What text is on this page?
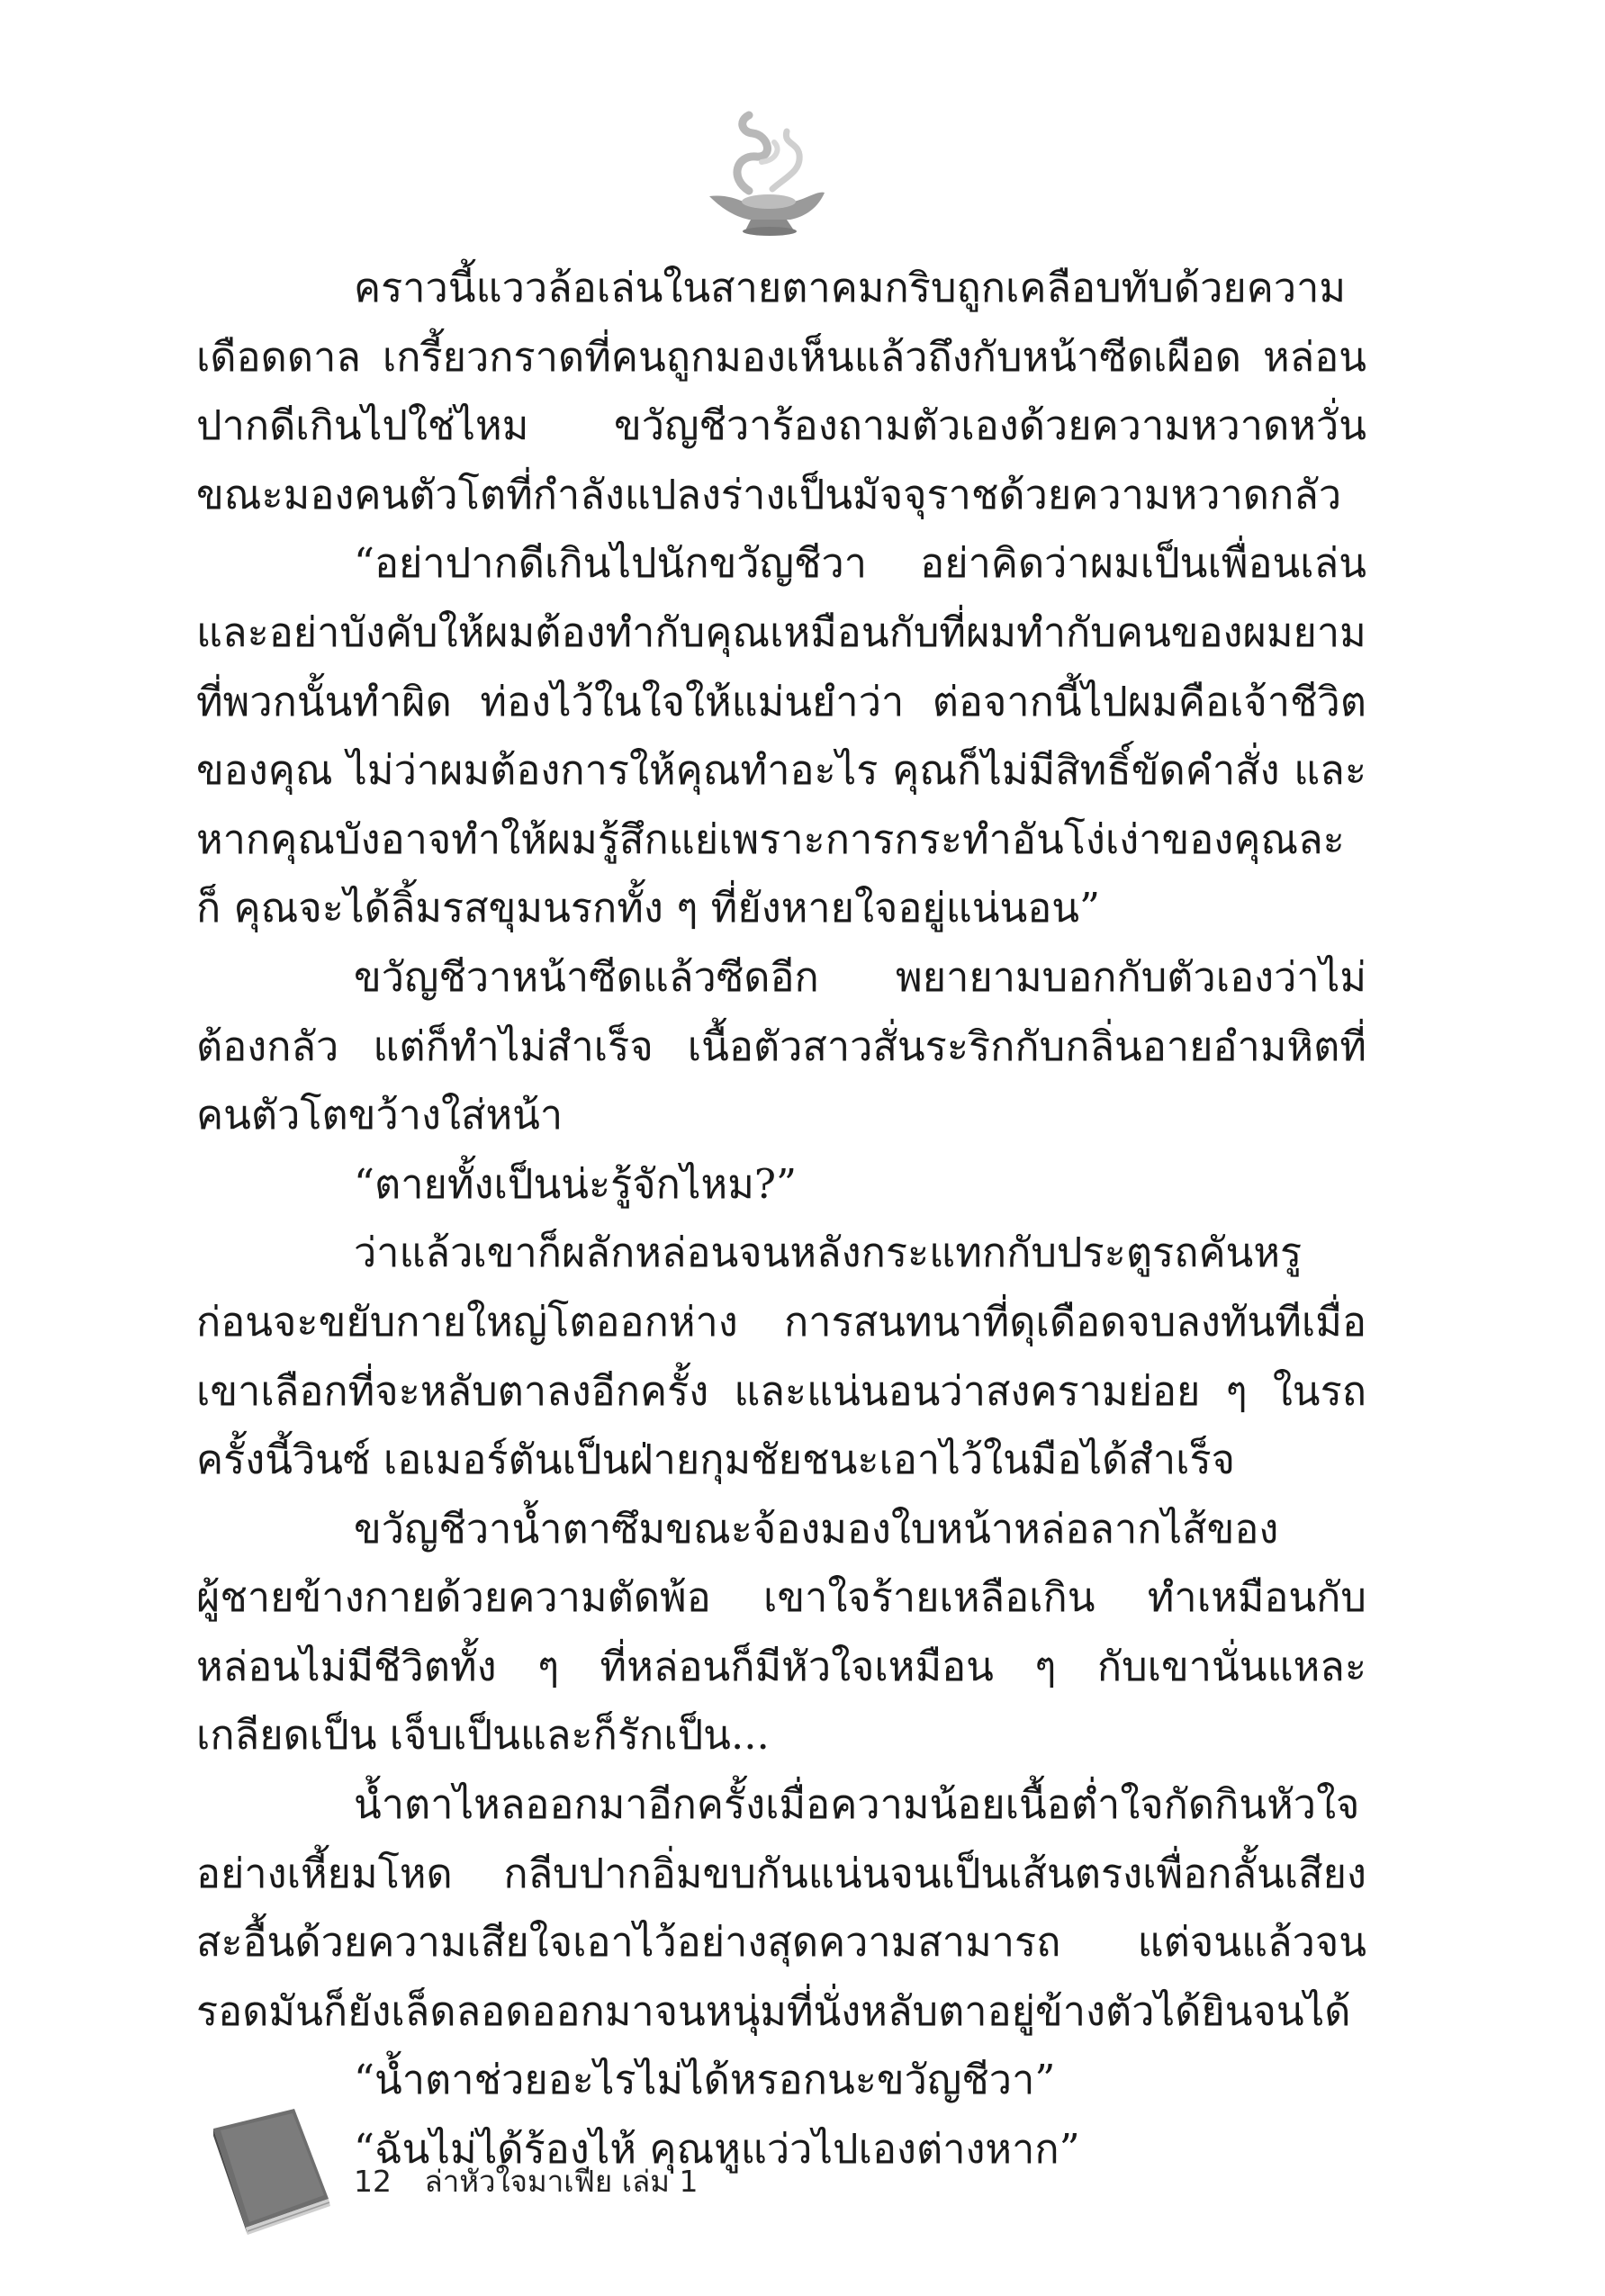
คราวนี้แววล้อเล่นในสายตาคมกริบถูกเคลือบทับด้วยความเดือดดาล เกรี้ยวกราดที่คนถูกมองเห็นแล้วถึงกับหน้าซีดเผือด หล่อนปากดีเกินไปใช่ไหม ขวัญชีวาร้องถามตัวเองด้วยความหวาดหวั่น ขณะมองคนตัวโตที่กำลังแปลงร่างเป็นมัจจุราชด้วยความหวาดกลัว

“อย่าปากดีเกินไปนักขวัญชีวา อย่าคิดว่าผมเป็นเพื่อนเล่น และอย่าบังคับให้ผมต้องทำกับคุณเหมือนกับที่ผมทำกับคนของผมยามที่พวกนั้นทำผิด ท่องไว้ในใจให้แม่นยำว่า ต่อจากนี้ไปผมคือเจ้าชีวิตของคุณ ไม่ว่าผมต้องการให้คุณทำอะไร คุณก็ไม่มีสิทธิ์ขัดคำสั่ง และหากคุณบังอาจทำให้ผมรู้สึกแย่เพราะการกระทำอันโง่เง่าของคุณละก็ คุณจะได้ลิ้มรสขุมนรกทั้ง ๆ ที่ยังหายใจอยู่แน่นอน”

ขวัญชีวาหน้าซีดแล้วซีดอีก พยายามบอกกับตัวเองว่าไม่ต้องกลัว แต่ก็ทำไม่สำเร็จ เนื้อตัวสาวสั่นระริกกับกลิ่นอายอำมหิตที่คนตัวโตขว้างใส่หน้า

“ตายทั้งเป็นน่ะรู้จักไหม?”

ว่าแล้วเขาก็ผลักหล่อนจนหลังกระแทกกับประตูรถคันหรูก่อนจะขยับกายใหญ่โตออกห่าง การสนทนาที่ดุเดือดจบลงทันทีเมื่อเขาเลือกที่จะหลับตาลงอีกครั้ง และแน่นอนว่าสงครามย่อย ๆ ในรถครั้งนี้วินซ์ เอเมอร์ตันเป็นฝ่ายกุมชัยชนะเอาไว้ในมือได้สำเร็จ

ขวัญชีวาน้ำตาซึมขณะจ้องมองใบหน้าหล่อลากไส้ของผู้ชายข้างกายด้วยความตัดพ้อ เขาใจร้ายเหลือเกิน ทำเหมือนกับหล่อนไม่มีชีวิตทั้ง ๆ ที่หล่อนก็มีหัวใจเหมือน ๆ กับเขานั่นแหละ เกลียดเป็น เจ็บเป็นและก็รักเป็น...

น้ำตาไหลออกมาอีกครั้งเมื่อความน้อยเนื้อต่ำใจกัดกินหัวใจอย่างเหี้ยมโหด กลีบปากอิ่มขบกันแน่นจนเป็นเส้นตรงเพื่อกลั้นเสียงสะอื้นด้วยความเสียใจเอาไว้อย่างสุดความสามารถ แต่จนแล้วจนรอดมันก็ยังเล็ดลอดออกมาจนหนุ่มที่นั่งหลับตาอยู่ข้างตัวได้ยินจนได้

“น้ำตาช่วยอะไรไม่ได้หรอกนะขวัญชีวา”

“ฉันไม่ได้ร้องไห้ คุณหูแว่วไปเองต่างหาก”

12 ล่าหัวใจมาเฟีย เล่ม 1
